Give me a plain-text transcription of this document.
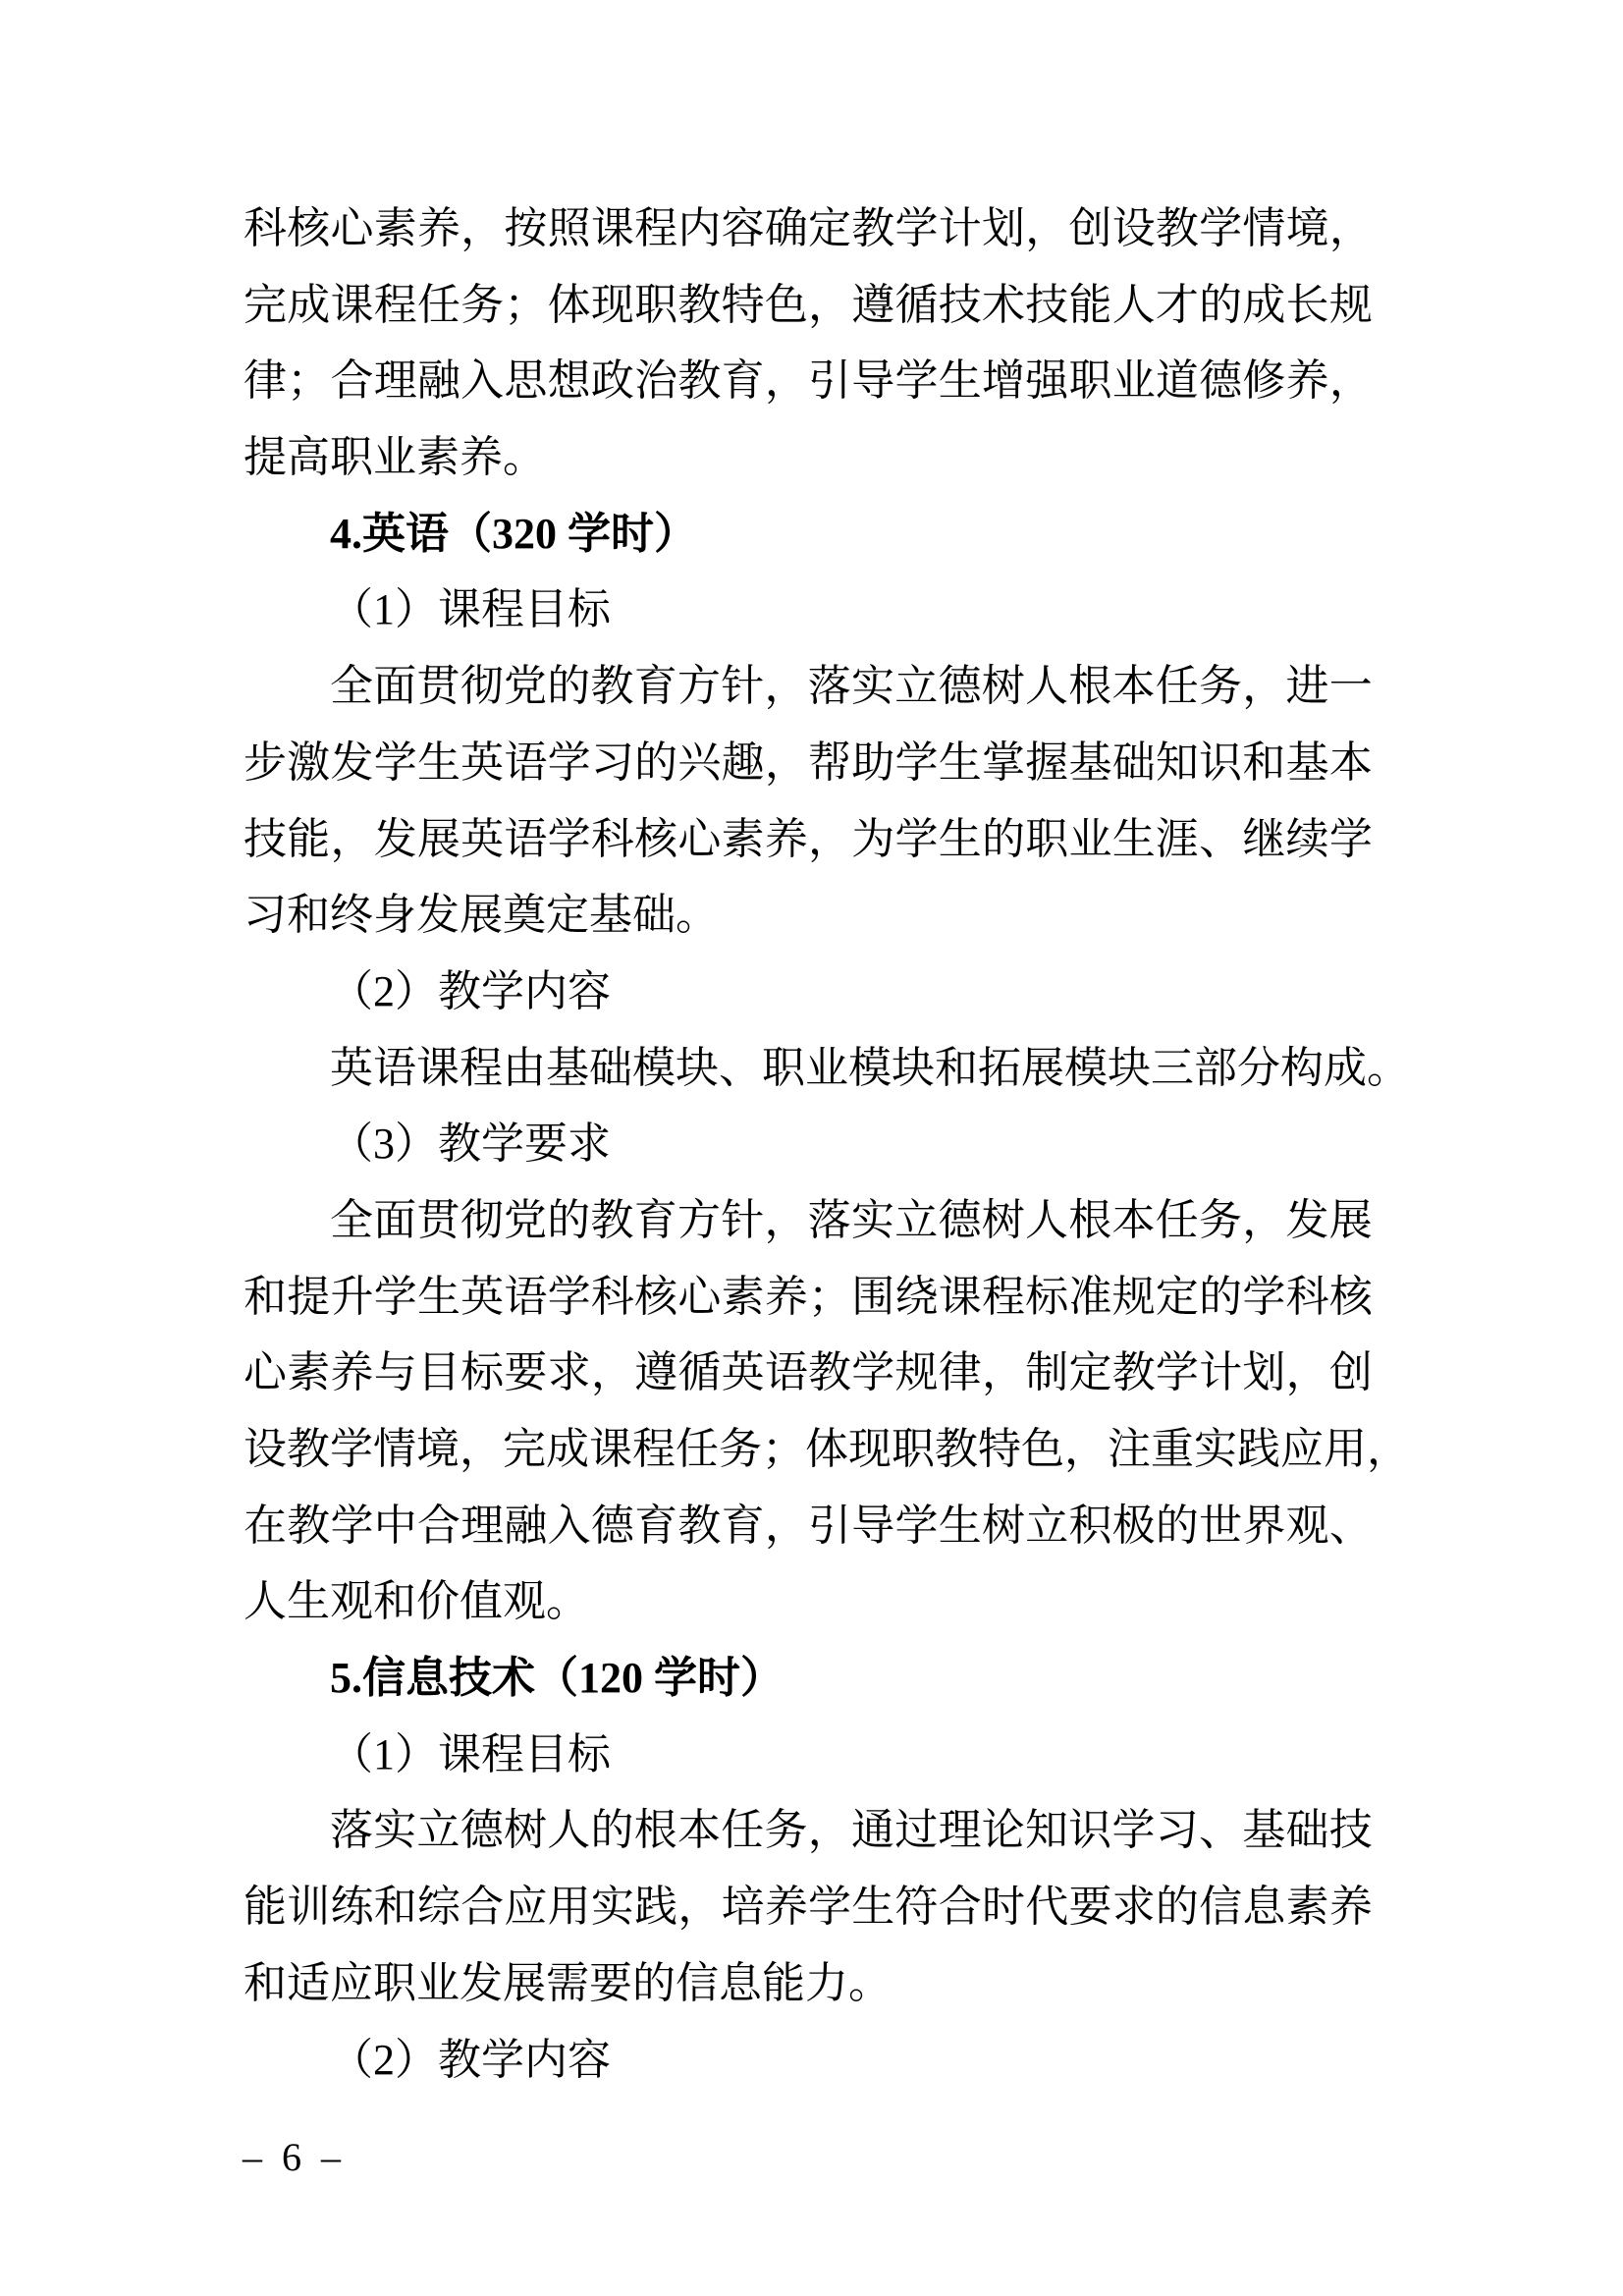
科 核 心 素 养 ， 按 照 课 程 内 容 确 定 教 学 计 划 ， 创 设 教 学 情 境 ，
完 成 课 程 任 务 ； 体 现 职 教 特 色 ， 遵 循 技 术 技 能 人 才 的 成 长 规
律 ； 合 理 融 入 思 想 政 治 教 育 ， 引 导 学 生 增 强 职 业 道 德 修 养 ，
提高职业素养。
4.英语（320 学时）
（1）课程目标
全 面 贯 彻 党 的 教 育 方 针 ， 落 实 立 德 树 人 根 本 任 务 ， 进 一
步 激 发 学 生 英 语 学 习 的 兴 趣 ， 帮 助 学 生 掌 握 基 础 知 识 和 基 本
技 能 ， 发 展 英 语 学 科 核 心 素 养 ， 为 学 生 的 职 业 生 涯 、 继 续 学
习和终身发展奠定基础。
（2）教学内容
英语课程由基础模块、职业模块和拓展模块三部分构成。
（3）教学要求
全 面 贯 彻 党 的 教 育 方 针 ， 落 实 立 德 树 人 根 本 任 务 ， 发 展
和 提 升 学 生 英 语 学 科 核 心 素 养 ； 围 绕 课 程 标 准 规 定 的 学 科 核
心 素 养 与 目 标 要 求 ， 遵 循 英 语 教 学 规 律 ， 制 定 教 学 计 划 ， 创
设 教 学 情 境 ， 完 成 课 程 任 务 ； 体 现 职 教 特 色 ， 注 重 实 践 应 用 ，
在 教 学 中 合 理 融 入 德 育 教 育 ， 引 导 学 生 树 立 积 极 的 世 界 观 、
人生观和价值观。
5.信息技术（120 学时）
（1）课程目标
落 实 立 德 树 人 的 根 本 任 务 ， 通 过 理 论 知 识 学 习 、 基 础 技
能 训 练 和 综 合 应 用 实 践 ， 培 养 学 生 符 合 时 代 要 求 的 信 息 素 养
和适应职业发展需要的信息能力。
（2）教学内容
– 6 –
